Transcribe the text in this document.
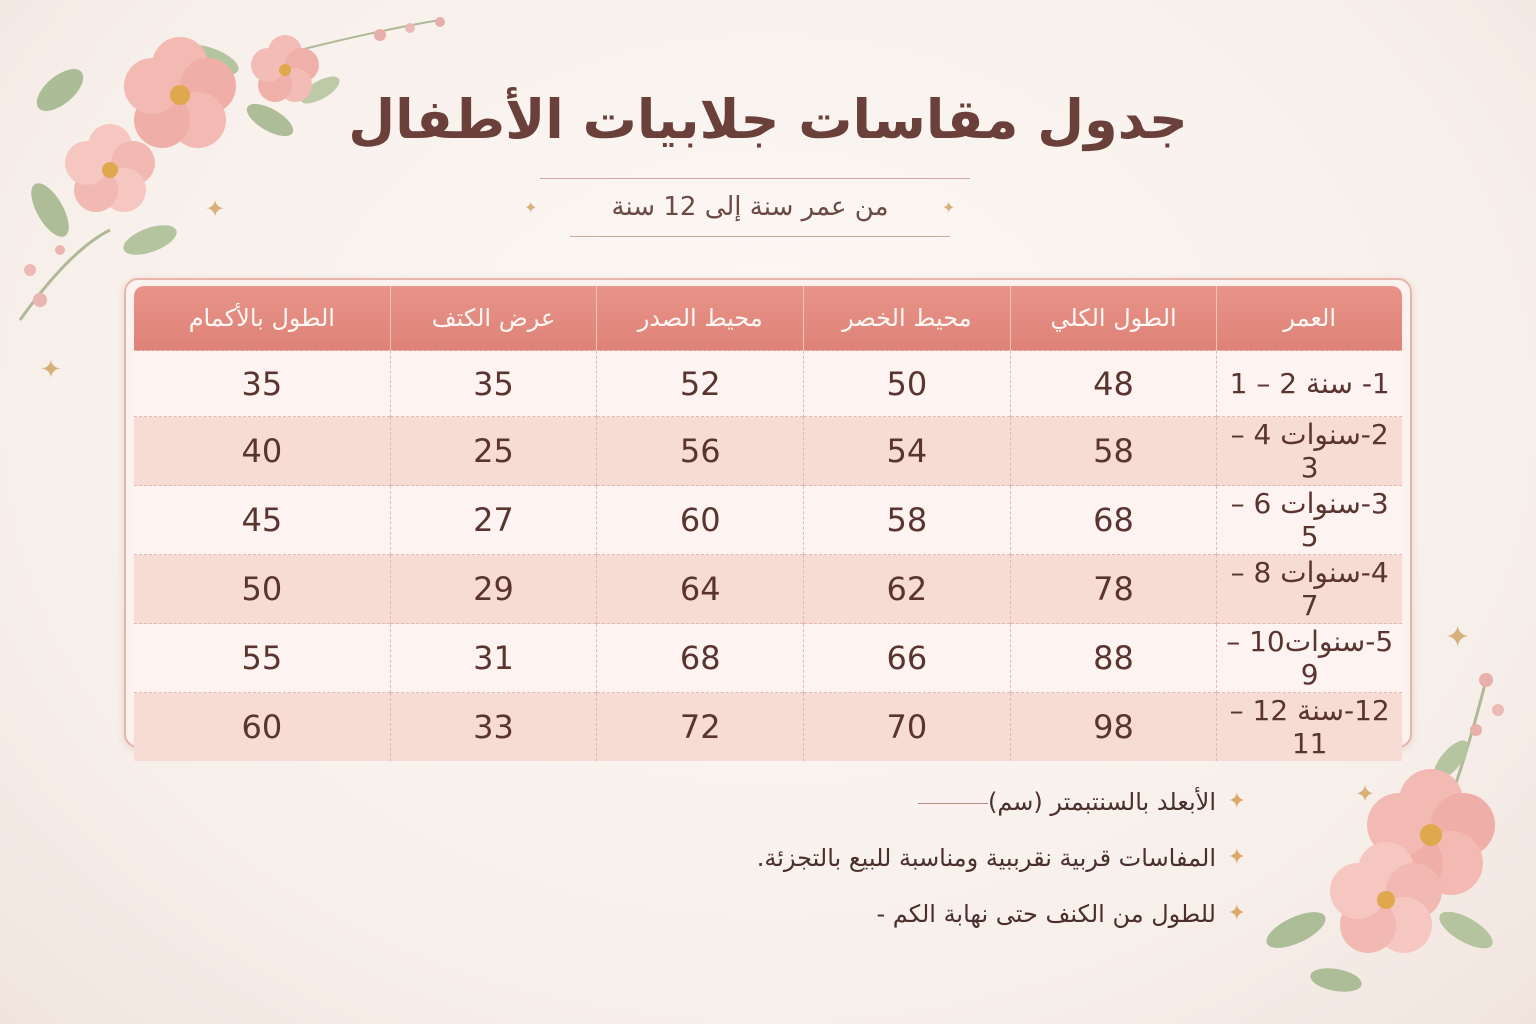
✦
✦
✦
✦
جدول مقاسات جلابيات الأطفال
✦	✦
من عمر سنة إلى 12 سنة
العمر	الطول الكلي	محيط الخصر	محيط الصدر	عرض الكتف	الطول بالأكمام
1- سنة 2 – 1	48	50	52	35	35
2-سنوات 4 – 3	58	54	56	25	40
3-سنوات 6 – 5	68	58	60	27	45
4-سنوات 8 – 7	78	62	64	29	50
5-سنوات10 – 9	88	66	68	31	55
12-سنة 12 – 11	98	70	72	33	60
✦
الأبعلد بالسنتبمتر (سم)
✦
المفاسات قربية نقرببية ومناسبة للبيع بالتجزئة.
✦
للطول من الكنف حتى نهابة الكم -
